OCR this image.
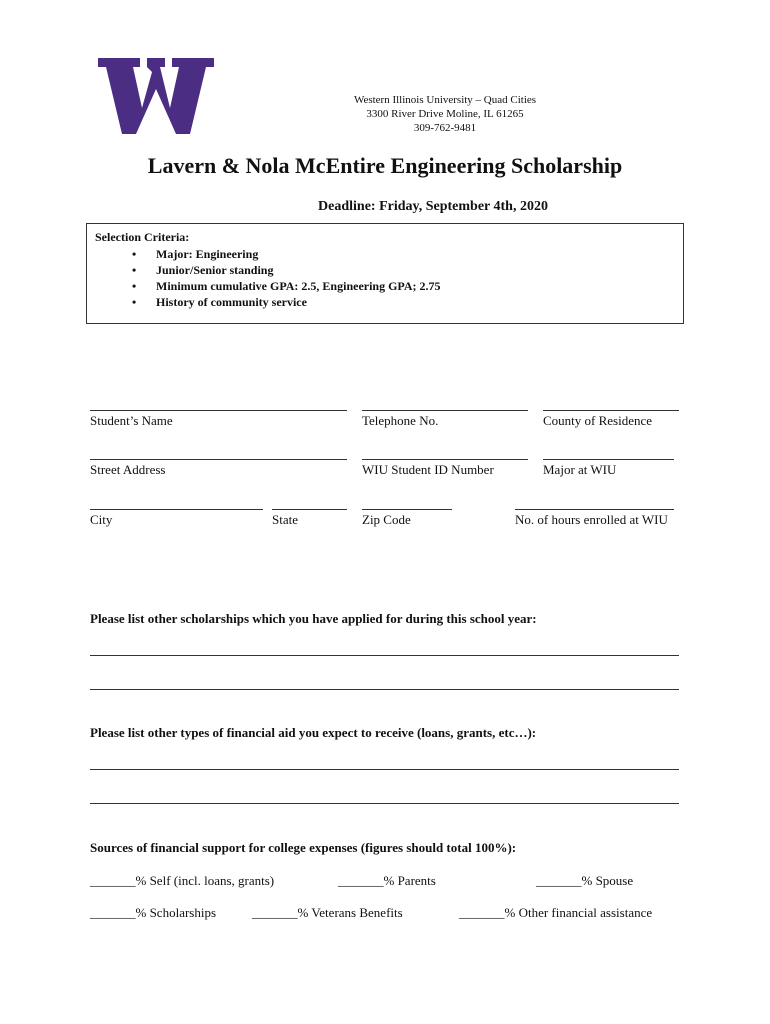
Western Illinois University – Quad Cities
3300 River Drive Moline, IL 61265
309-762-9481
Lavern & Nola McEntire Engineering Scholarship
Deadline: Friday, September 4th, 2020
Selection Criteria:
• Major: Engineering
• Junior/Senior standing
• Minimum cumulative GPA: 2.5, Engineering GPA; 2.75
• History of community service
Student’s Name	Telephone No.	County of Residence
Street Address	WIU Student ID Number	Major at WIU
City	State	Zip Code	No. of hours enrolled at WIU
Please list other scholarships which you have applied for during this school year:
Please list other types of financial aid you expect to receive (loans, grants, etc…):
Sources of financial support for college expenses (figures should total 100%):
_______% Self (incl. loans, grants)	_______% Parents	_______% Spouse
_______% Scholarships	_______% Veterans Benefits	_______% Other financial assistance
